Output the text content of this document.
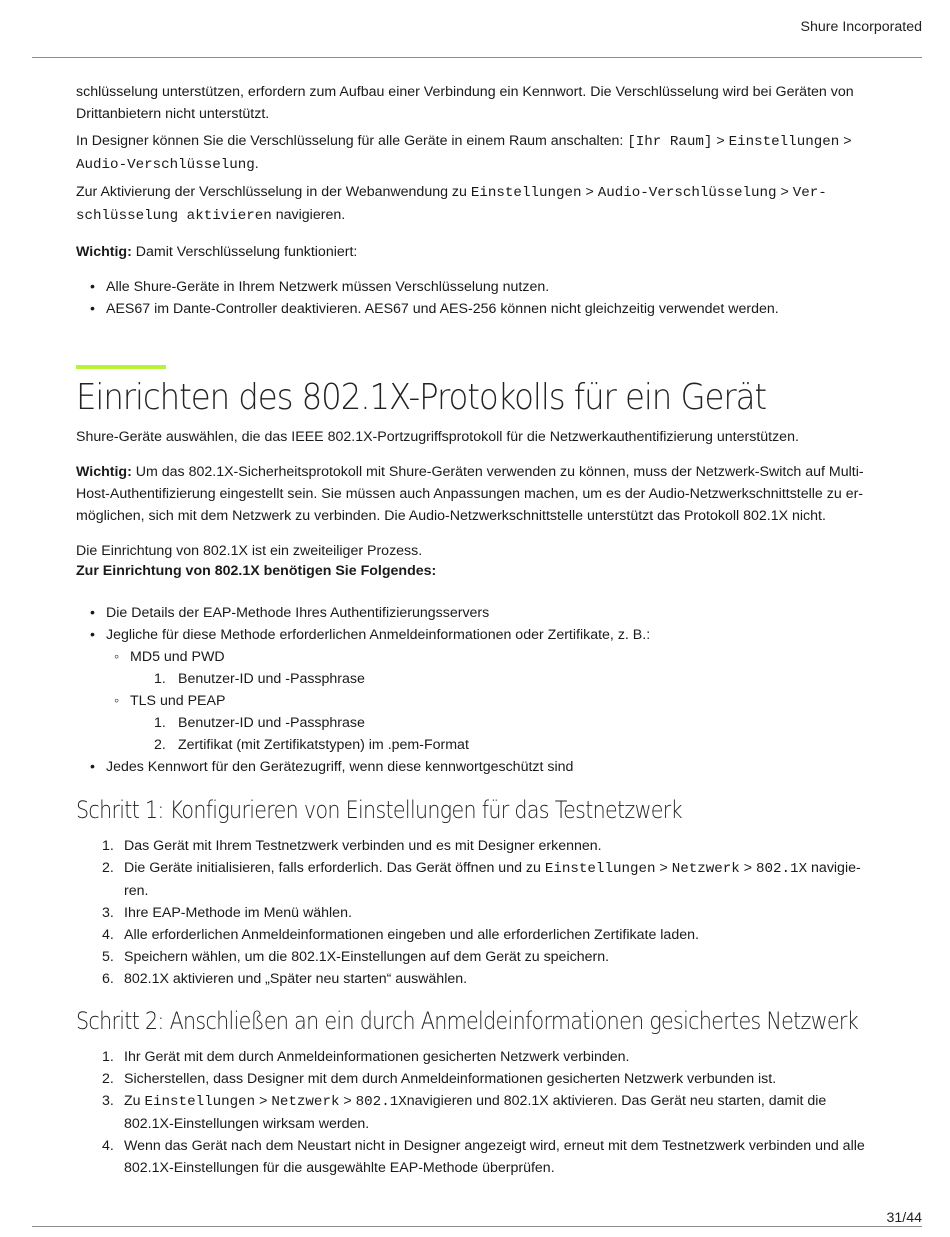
Shure Incorporated

schlüsselung unterstützen, erfordern zum Aufbau einer Verbindung ein Kennwort. Die Verschlüsselung wird bei Geräten von Drittanbietern nicht unterstützt.

In Designer können Sie die Verschlüsselung für alle Geräte in einem Raum anschalten: [Ihr Raum] > Einstellungen >
Audio-Verschlüsselung.

Zur Aktivierung der Verschlüsselung in der Webanwendung zu Einstellungen > Audio-Verschlüsselung > Ver-
schlüsselung aktivieren navigieren.

Wichtig: Damit Verschlüsselung funktioniert:

• Alle Shure-Geräte in Ihrem Netzwerk müssen Verschlüsselung nutzen.
• AES67 im Dante-Controller deaktivieren. AES67 und AES-256 können nicht gleichzeitig verwendet werden.
Einrichten des 802.1X-Protokolls für ein Gerät

Shure-Geräte auswählen, die das IEEE 802.1X-Portzugriffsprotokoll für die Netzwerkauthentifizierung unterstützen.

Wichtig: Um das 802.1X-Sicherheitsprotokoll mit Shure-Geräten verwenden zu können, muss der Netzwerk-Switch auf Multi-
Host-Authentifizierung eingestellt sein. Sie müssen auch Anpassungen machen, um es der Audio-Netzwerkschnittstelle zu er-
möglichen, sich mit dem Netzwerk zu verbinden. Die Audio-Netzwerkschnittstelle unterstützt das Protokoll 802.1X nicht.

Die Einrichtung von 802.1X ist ein zweiteiliger Prozess.

Zur Einrichtung von 802.1X benötigen Sie Folgendes:

• Die Details der EAP-Methode Ihres Authentifizierungsservers
• Jegliche für diese Methode erforderlichen Anmeldeinformationen oder Zertifikate, z. B.:
◦ MD5 und PWD
1. Benutzer-ID und -Passphrase
◦ TLS und PEAP
1. Benutzer-ID und -Passphrase
2. Zertifikat (mit Zertifikatstypen) im .pem-Format
• Jedes Kennwort für den Gerätezugriff, wenn diese kennwortgeschützt sind
Schritt 1: Konfigurieren von Einstellungen für das Testnetzwerk
1. Das Gerät mit Ihrem Testnetzwerk verbinden und es mit Designer erkennen.
2. Die Geräte initialisieren, falls erforderlich. Das Gerät öffnen und zu Einstellungen > Netzwerk > 802.1X navigie-
ren.
3. Ihre EAP-Methode im Menü wählen.
4. Alle erforderlichen Anmeldeinformationen eingeben und alle erforderlichen Zertifikate laden.
5. Speichern wählen, um die 802.1X-Einstellungen auf dem Gerät zu speichern.
6. 802.1X aktivieren und „Später neu starten“ auswählen.
Schritt 2: Anschließen an ein durch Anmeldeinformationen gesichertes Netzwerk
1. Ihr Gerät mit dem durch Anmeldeinformationen gesicherten Netzwerk verbinden.
2. Sicherstellen, dass Designer mit dem durch Anmeldeinformationen gesicherten Netzwerk verbunden ist.
3. Zu Einstellungen > Netzwerk > 802.1Xnavigieren und 802.1X aktivieren. Das Gerät neu starten, damit die
802.1X-Einstellungen wirksam werden.
4. Wenn das Gerät nach dem Neustart nicht in Designer angezeigt wird, erneut mit dem Testnetzwerk verbinden und alle
802.1X-Einstellungen für die ausgewählte EAP-Methode überprüfen.
31/44
